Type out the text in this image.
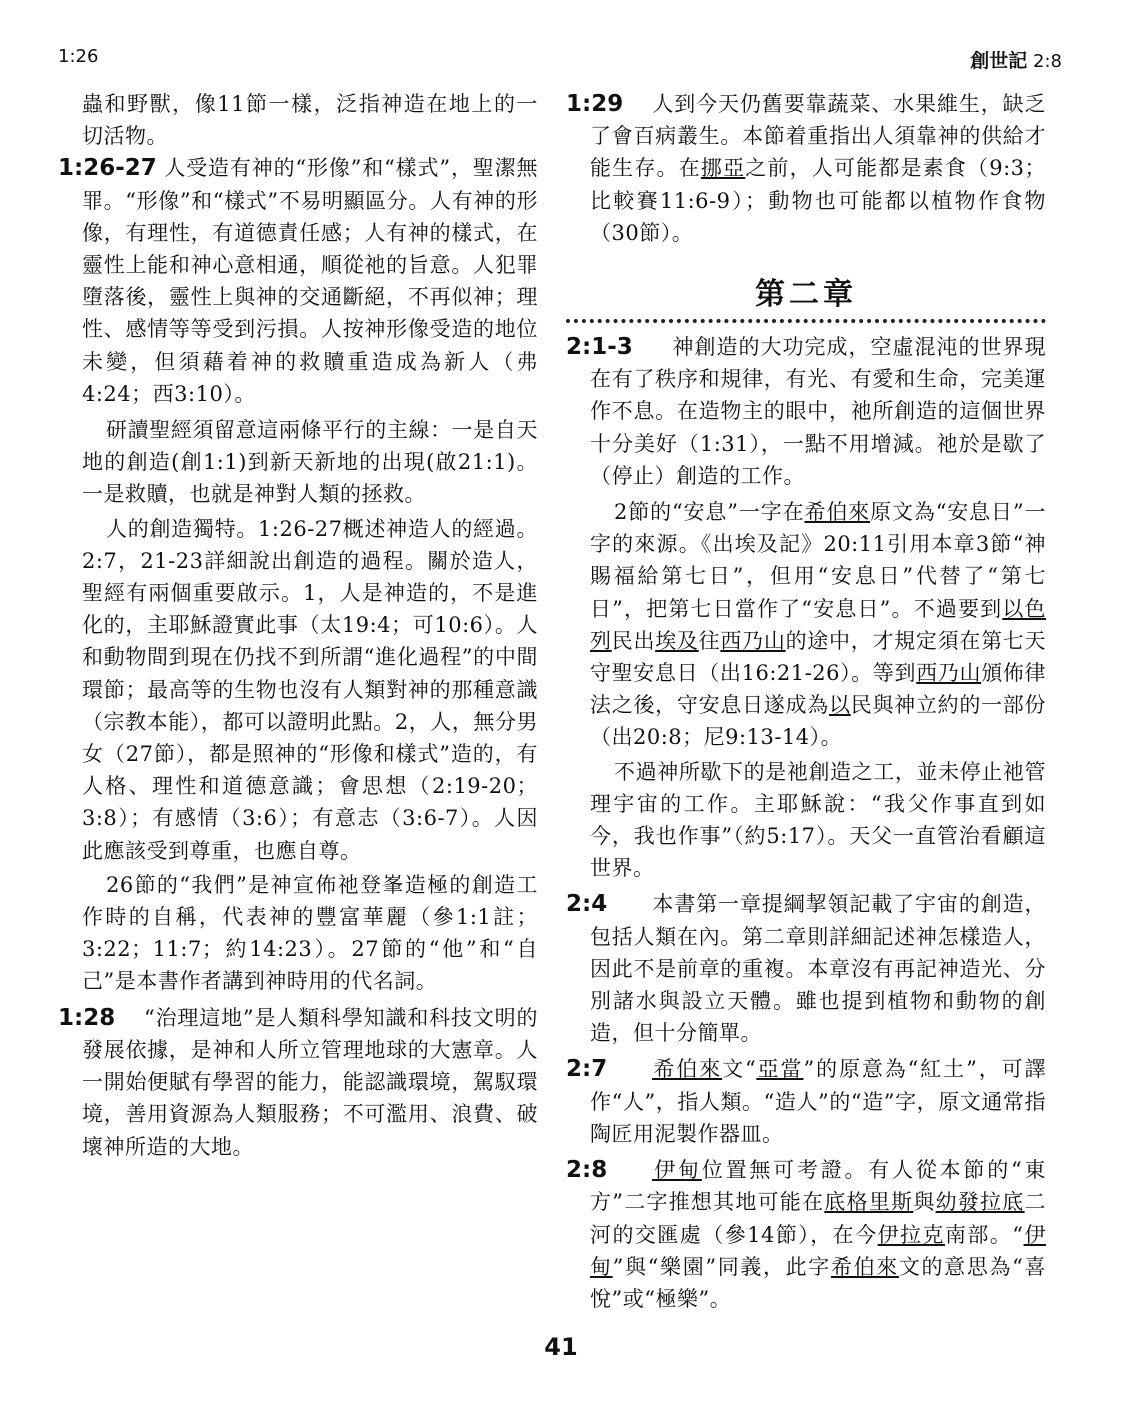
1:26	創世記 2:8
蟲和野獸，像11節一樣，泛指神造在地上的一切活物。
1:26-27 人受造有神的“形像”和“樣式”，聖潔無罪。“形像”和“樣式”不易明顯區分。人有神的形像，有理性，有道德責任感；人有神的樣式，在靈性上能和神心意相通，順從祂的旨意。人犯罪墮落後，靈性上與神的交通斷絕，不再似神；理性、感情等等受到污損。人按神形像受造的地位未變，但須藉着神的救贖重造成為新人（弗4:24；西3:10）。
研讀聖經須留意這兩條平行的主線：一是自天地的創造(創1:1)到新天新地的出現(啟21:1)。一是救贖，也就是神對人類的拯救。
人的創造獨特。1:26-27概述神造人的經過。2:7，21-23詳細說出創造的過程。關於造人，聖經有兩個重要啟示。1，人是神造的，不是進化的，主耶穌證實此事（太19:4；可10:6）。人和動物間到現在仍找不到所謂“進化過程”的中間環節；最高等的生物也沒有人類對神的那種意識（宗教本能），都可以證明此點。2，人，無分男女（27節），都是照神的“形像和樣式”造的，有人格、理性和道德意識；會思想（2:19-20；3:8）；有感情（3:6）；有意志（3:6-7）。人因此應該受到尊重，也應自尊。
26節的“我們”是神宣佈祂登峯造極的創造工作時的自稱，代表神的豐富華麗（參1:1註；3:22；11:7；約14:23）。27節的“他”和“自己”是本書作者講到神時用的代名詞。
1:28	“治理這地”是人類科學知識和科技文明的發展依據，是神和人所立管理地球的大憲章。人一開始便賦有學習的能力，能認識環境，駕馭環境，善用資源為人類服務；不可濫用、浪費、破壞神所造的大地。
1:29	人到今天仍舊要靠蔬菜、水果維生，缺乏了會百病叢生。本節着重指出人須靠神的供給才能生存。在挪亞之前，人可能都是素食（9:3；比較賽11:6-9）；動物也可能都以植物作食物（30節）。
第二章
2:1-3	神創造的大功完成，空虛混沌的世界現在有了秩序和規律，有光、有愛和生命，完美運作不息。在造物主的眼中，祂所創造的這個世界十分美好（1:31），一點不用增減。祂於是歇了（停止）創造的工作。
2節的“安息”一字在希伯來原文為“安息日”一字的來源。《出埃及記》20:11引用本章3節“神賜福給第七日”，但用“安息日”代替了“第七日”，把第七日當作了“安息日”。不過要到以色列民出埃及往西乃山的途中，才規定須在第七天守聖安息日（出16:21-26）。等到西乃山頒佈律法之後，守安息日遂成為以民與神立約的一部份（出20:8；尼9:13-14）。
不過神所歇下的是祂創造之工，並未停止祂管理宇宙的工作。主耶穌說：“我父作事直到如今，我也作事”（約5:17）。天父一直管治看顧這世界。
2:4	本書第一章提綱挈領記載了宇宙的創造，包括人類在內。第二章則詳細記述神怎樣造人，因此不是前章的重複。本章沒有再記神造光、分別諸水與設立天體。雖也提到植物和動物的創造，但十分簡單。
2:7	希伯來文“亞當”的原意為“紅土”，可譯作“人”，指人類。“造人”的“造”字，原文通常指陶匠用泥製作器皿。
2:8	伊甸位置無可考證。有人從本節的“東方”二字推想其地可能在底格里斯與幼發拉底二河的交匯處（參14節），在今伊拉克南部。“伊甸”與“樂園”同義，此字希伯來文的意思為“喜悅”或“極樂”。
41
